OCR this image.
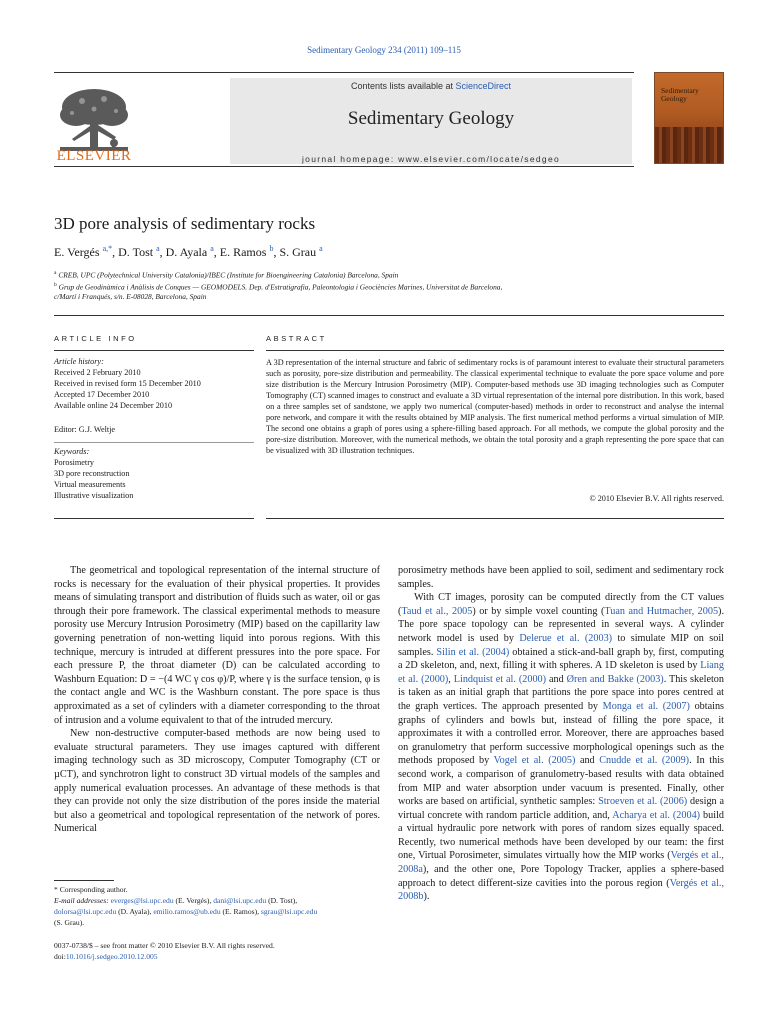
Sedimentary Geology 234 (2011) 109–115
ELSEVIER
Contents lists available at ScienceDirect
Sedimentary Geology
journal homepage: www.elsevier.com/locate/sedgeo
Sedimentary Geology
3D pore analysis of sedimentary rocks
E. Vergés $^{a,*}$, D. Tost $^a$, D. Ayala $^a$, E. Ramos $^b$, S. Grau $^a$
$^a$ CREB, UPC (Polytechnical University Catalonia)/IBEC (Institute for Bioengineering Catalonia) Barcelona, Spain
$^b$ Grup de Geodinàmica i Anàlisis de Conques — GEOMODELS. Dep. d'Estratigrafia, Paleontologia i Geociències Marines, Universitat de Barcelona,
c/Martí i Franqués, s/n. E-08028, Barcelona, Spain
ARTICLE INFO
Article history:
Received 2 February 2010
Received in revised form 15 December 2010
Accepted 17 December 2010
Available online 24 December 2010
Editor: G.J. Weltje
Keywords:
Porosimetry
3D pore reconstruction
Virtual measurements
Illustrative visualization
ABSTRACT
A 3D representation of the internal structure and fabric of sedimentary rocks is of paramount interest to evaluate their structural parameters such as porosity, pore-size distribution and permeability. The classical experimental technique to evaluate the pore space volume and pore size distribution is the Mercury Intrusion Porosimetry (MIP). Computer-based methods use 3D imaging technologies such as Computer Tomography (CT) scanned images to construct and evaluate a 3D virtual representation of the internal pore distribution. In this work, based on a three samples set of sandstone, we apply two numerical (computer-based) methods in order to reconstruct and analyse the internal pore network, and compare it with the results obtained by MIP analysis. The first numerical method performs a virtual simulation of MIP. The second one obtains a graph of pores using a sphere-filling based approach. For all methods, we compute the global porosity and the pore-size distribution. Moreover, with the numerical methods, we obtain the total porosity and a graph representing the pore space that can be visualized with 3D illustration techniques.
© 2010 Elsevier B.V. All rights reserved.

The geometrical and topological representation of the internal structure of rocks is necessary for the evaluation of their physical properties. It provides means of simulating transport and distribution of fluids such as water, oil or gas through their pore framework. The classical experimental methods to measure porosity use Mercury Intrusion Porosimetry (MIP) based on the capillarity law governing penetration of non-wetting liquid into porous regions. With this technique, mercury is intruded at different pressures into the pore space. For each pressure P, the throat diameter (D) can be calculated according to Washburn Equation: D = −(4 WC γ cos φ)/P, where γ is the surface tension, φ is the contact angle and WC is the Washburn constant. The pore space is thus approximated as a set of cylinders with a diameter corresponding to the throat of intrusion and a volume equivalent to that of the intruded mercury.

New non-destructive computer-based methods are now being used to evaluate structural parameters. They use images captured with different imaging technology such as 3D microscopy, Computer Tomography (CT or µCT), and synchrotron light to construct 3D virtual models of the samples and apply numerical evaluation processes. An advantage of these methods is that they can provide not only the size distribution of the pores inside the material but also a geometrical and topological representation of the network of pores. Numerical

porosimetry methods have been applied to soil, sediment and sedimentary rock samples.

With CT images, porosity can be computed directly from the CT values (Taud et al., 2005) or by simple voxel counting (Tuan and Hutmacher, 2005). The pore space topology can be represented in several ways. A cylinder network model is used by Delerue et al. (2003) to simulate MIP on soil samples. Silin et al. (2004) obtained a stick-and-ball graph by, first, computing a 2D skeleton, and, next, filling it with spheres. A 1D skeleton is used by Liang et al. (2000), Lindquist et al. (2000) and Øren and Bakke (2003). This skeleton is taken as an initial graph that partitions the pore space into pores centred at the graph vertices. The approach presented by Monga et al. (2007) obtains graphs of cylinders and bowls but, instead of filling the pore space, it approximates it with a controlled error. Moreover, there are approaches based on granulometry that perform successive morphological openings such as the methods proposed by Vogel et al. (2005) and Cnudde et al. (2009). In this second work, a comparison of granulometry-based results with data obtained from MIP and water absorption under vacuum is presented. Finally, other works are based on artificial, synthetic samples: Stroeven et al. (2006) design a virtual concrete with random particle addition, and, Acharya et al. (2004) build a virtual hydraulic pore network with pores of random sizes equally spaced. Recently, two numerical methods have been developed by our team: the first one, Virtual Porosimeter, simulates virtually how the MIP works (Vergés et al., 2008a), and the other one, Pore Topology Tracker, applies a sphere-based approach to detect different-size cavities into the porous region (Vergés et al., 2008b).

* Corresponding author.
E-mail addresses: everges@lsi.upc.edu (E. Vergés), dani@lsi.upc.edu (D. Tost),
dolorsa@lsi.upc.edu (D. Ayala), emilio.ramos@ub.edu (E. Ramos), sgrau@lsi.upc.edu
(S. Grau).
0037-0738/$ – see front matter © 2010 Elsevier B.V. All rights reserved.
doi:10.1016/j.sedgeo.2010.12.005
